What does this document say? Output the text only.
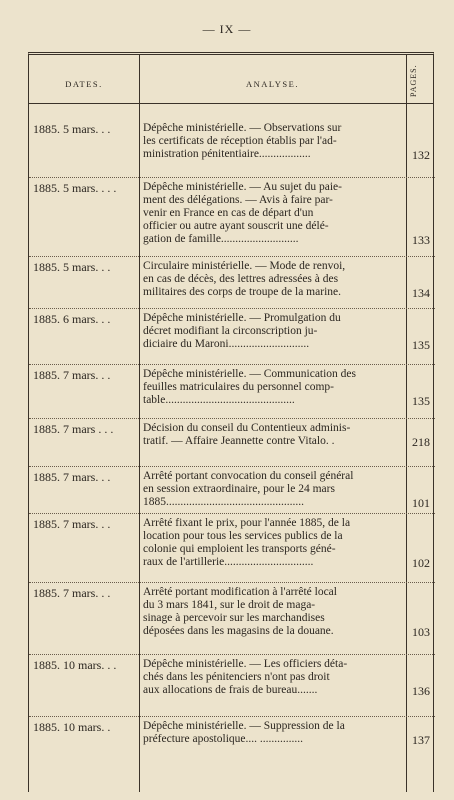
— IX —
DATES.	ANALYSE.	PAGES.
1885. 5 mars. . .	Dépêche ministérielle. — Observations sur
les certificats de réception établis par l'ad-
ministration pénitentiaire..................	132
1885. 5 mars. . . .	Dépêche ministérielle. — Au sujet du paie-
ment des délégations. — Avis à faire par-
venir en France en cas de départ d'un
officier ou autre ayant souscrit une délé-
gation de famille...........................	133
1885. 5 mars. . .	Circulaire ministérielle. — Mode de renvoi,
en cas de décès, des lettres adressées à des
militaires des corps de troupe de la marine.	134
1885. 6 mars. . .	Dépêche ministérielle. — Promulgation du
décret modifiant la circonscription ju-
diciaire du Maroni............................	135
1885. 7 mars. . .	Dépêche ministérielle. — Communication des
feuilles matriculaires du personnel comp-
table.............................................	135
1885. 7 mars . . .	Décision du conseil du Contentieux adminis-
tratif. — Affaire Jeannette contre Vitalo. .	218
1885. 7 mars. . .	Arrêté portant convocation du conseil général
en session extraordinaire, pour le 24 mars
1885................................................	101
1885. 7 mars. . .	Arrêté fixant le prix, pour l'année 1885, de la
location pour tous les services publics de la
colonie qui emploient les transports géné-
raux de l'artillerie...............................	102
1885. 7 mars. . .	Arrêté portant modification à l'arrêté local
du 3 mars 1841, sur le droit de maga-
sinage à percevoir sur les marchandises
déposées dans les magasins de la douane.	103
1885. 10 mars. . .	Dépêche ministérielle. — Les officiers déta-
chés dans les pénitenciers n'ont pas droit
aux allocations de frais de bureau.......	136
1885. 10 mars. .	Dépêche ministérielle. — Suppression de la
préfecture apostolique.... ...............	137
